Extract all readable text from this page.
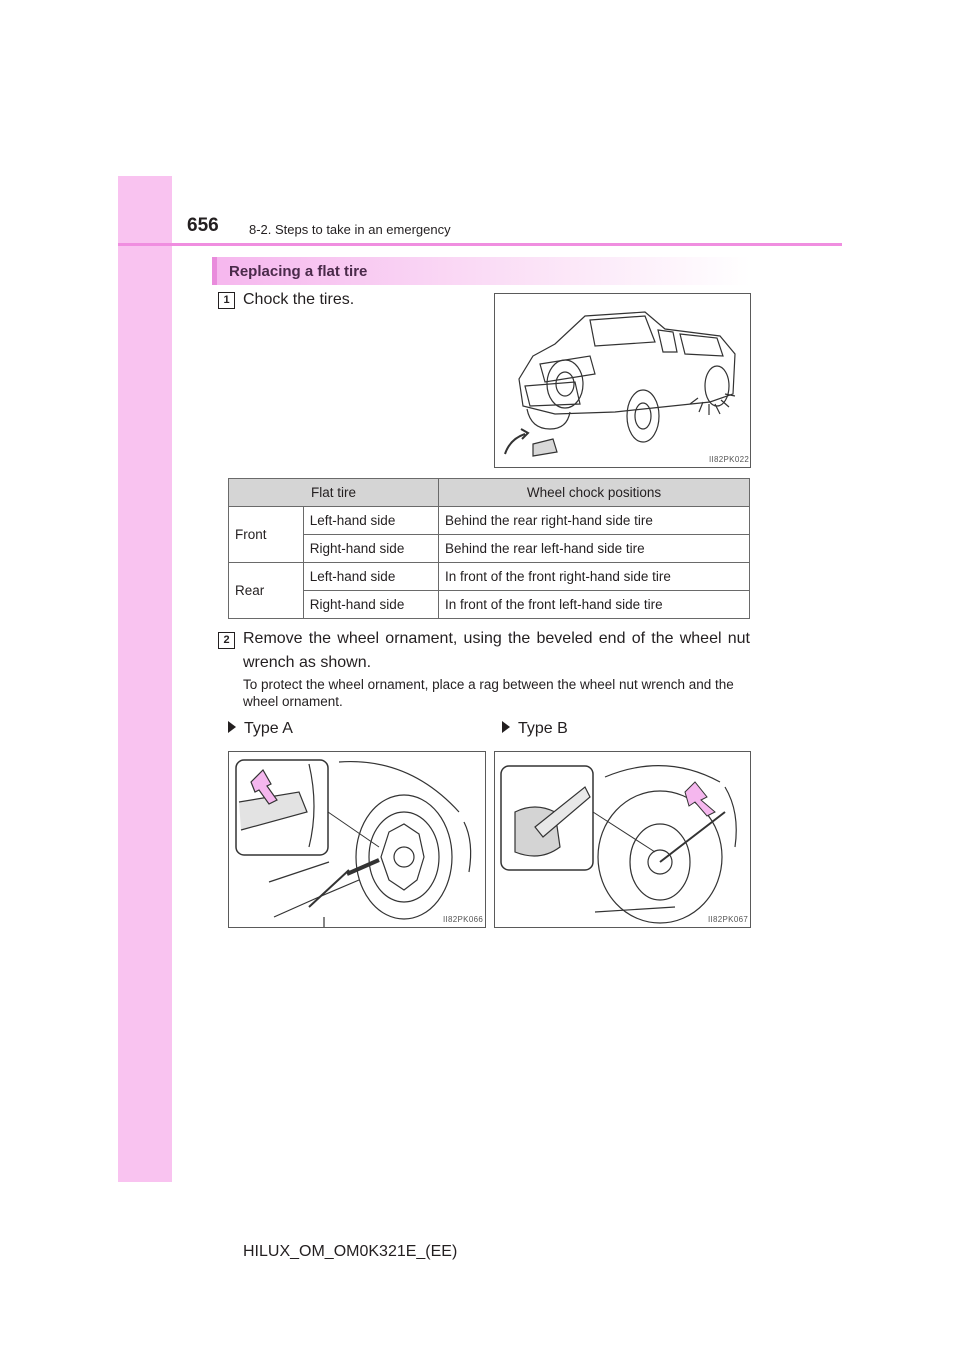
656 8-2. Steps to take in an emergency
Replacing a flat tire
1 Chock the tires.
II82PK022
Flat tire		Wheel chock positions
Front	Left-hand side	Behind the rear right-hand side tire
	Right-hand side	Behind the rear left-hand side tire
Rear	Left-hand side	In front of the front right-hand side tire
	Right-hand side	In front of the front left-hand side tire
2 Remove the wheel ornament, using the beveled end of the wheel nut wrench as shown.
To protect the wheel ornament, place a rag between the wheel nut wrench and the wheel ornament.
Type A	Type B
II82PK066	II82PK067
HILUX_OM_OM0K321E_(EE)
